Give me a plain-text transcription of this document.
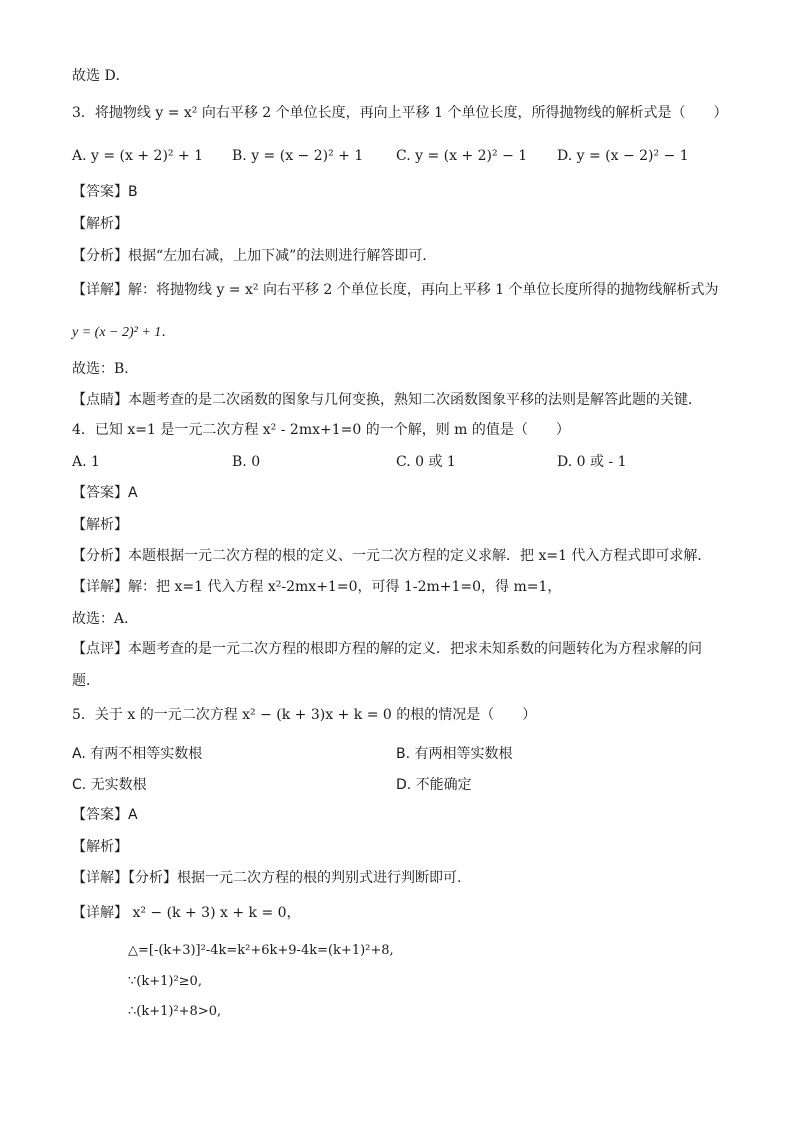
故选 D．
3．将抛物线 y = x² 向右平移 2 个单位长度，再向上平移 1 个单位长度，所得抛物线的解析式是（　　）
A. y = (x + 2)² + 1 B. y = (x − 2)² + 1 C. y = (x + 2)² − 1 D. y = (x − 2)² − 1
【答案】B
【解析】
【分析】根据“左加右减，上加下减”的法则进行解答即可．
【详解】解：将抛物线 y = x² 向右平移 2 个单位长度，再向上平移 1 个单位长度所得的抛物线解析式为
y = (x − 2)² + 1．
故选：B．
【点睛】本题考查的是二次函数的图象与几何变换，熟知二次函数图象平移的法则是解答此题的关键．
4．已知 x=1 是一元二次方程 x² - 2mx+1=0 的一个解，则 m 的值是（　　）
A. 1	B. 0	C. 0 或 1	D. 0 或 - 1
【答案】A
【解析】
【分析】本题根据一元二次方程的根的定义、一元二次方程的定义求解．把 x=1 代入方程式即可求解．
【详解】解：把 x=1 代入方程 x²-2mx+1=0，可得 1-2m+1=0，得 m=1，
故选：A．
【点评】本题考查的是一元二次方程的根即方程的解的定义．把求未知系数的问题转化为方程求解的问
题．
5．关于 x 的一元二次方程 x² − (k + 3)x + k = 0 的根的情况是（　　）
A. 有两不相等实数根	B. 有两相等实数根
C. 无实数根	D. 不能确定
【答案】A
【解析】
【详解】【分析】根据一元二次方程的根的判别式进行判断即可.
【详解】 x² − (k + 3) x + k = 0，
△=[-(k+3)]²-4k=k²+6k+9-4k=(k+1)²+8,
∵(k+1)²≥0,
∴(k+1)²+8>0,
